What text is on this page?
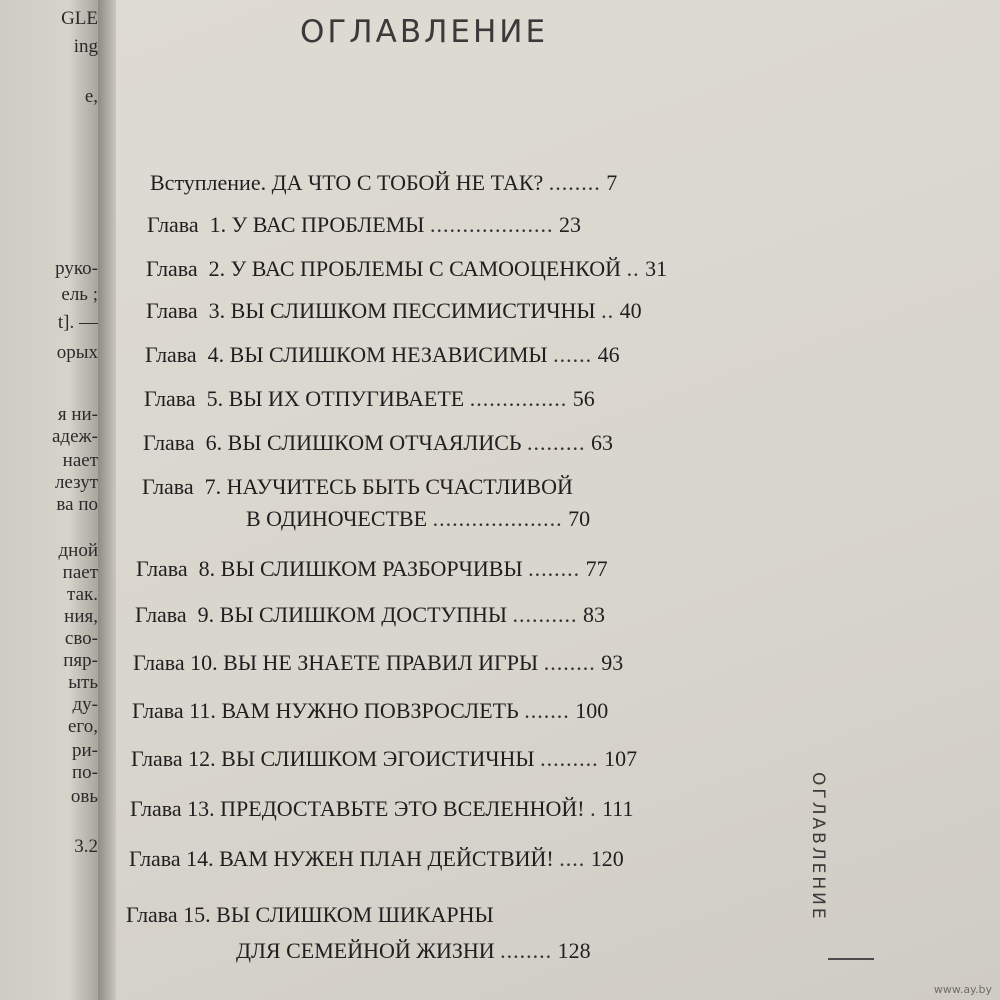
GLE
ing
e,
руко-
ель ;
t]. —
орых
я ни-
адеж-
нает
лезут
ва по
дной
пает
так.
ния,
сво-
пяр-
ыть
ду-
его,
ри-
по-
овь
3.2
ОГЛАВЛЕНИЕ
Вступление. ДА ЧТО С ТОБОЙ НЕ ТАК? ........ 7
Глава  1. У ВАС ПРОБЛЕМЫ ................... 23
Глава  2. У ВАС ПРОБЛЕМЫ С САМООЦЕНКОЙ .. 31
Глава  3. ВЫ СЛИШКОМ ПЕССИМИСТИЧНЫ .. 40
Глава  4. ВЫ СЛИШКОМ НЕЗАВИСИМЫ ...... 46
Глава  5. ВЫ ИХ ОТПУГИВАЕТЕ ............... 56
Глава  6. ВЫ СЛИШКОМ ОТЧАЯЛИСЬ ......... 63
Глава  7. НАУЧИТЕСЬ БЫТЬ СЧАСТЛИВОЙ
В ОДИНОЧЕСТВЕ .................... 70
Глава  8. ВЫ СЛИШКОМ РАЗБОРЧИВЫ ........ 77
Глава  9. ВЫ СЛИШКОМ ДОСТУПНЫ .......... 83
Глава 10. ВЫ НЕ ЗНАЕТЕ ПРАВИЛ ИГРЫ ........ 93
Глава 11. ВАМ НУЖНО ПОВЗРОСЛЕТЬ ....... 100
Глава 12. ВЫ СЛИШКОМ ЭГОИСТИЧНЫ ......... 107
Глава 13. ПРЕДОСТАВЬТЕ ЭТО ВСЕЛЕННОЙ! . 111
Глава 14. ВАМ НУЖЕН ПЛАН ДЕЙСТВИЙ! .... 120
Глава 15. ВЫ СЛИШКОМ ШИКАРНЫ
ДЛЯ СЕМЕЙНОЙ ЖИЗНИ ........ 128
ОГЛАВЛЕНИЕ
www.ay.by
